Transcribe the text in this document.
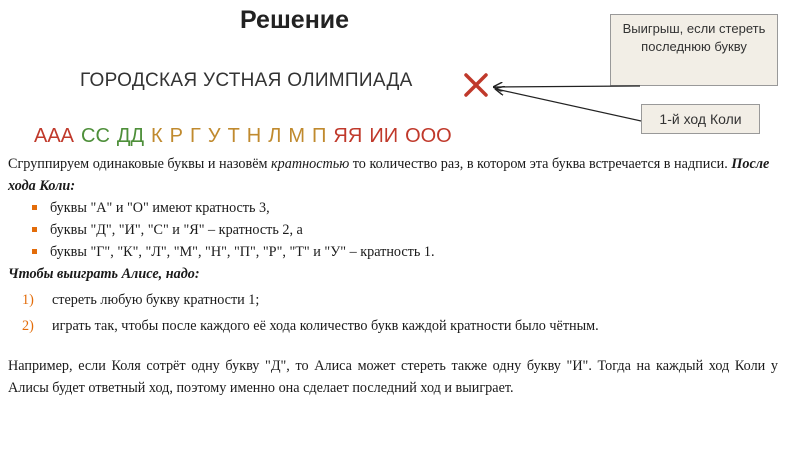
Решение	Выигрыш, если стереть последнюю букву
1-й ход Коли
ГОРОДСКАЯ УСТНАЯ ОЛИМПИАДА
ААА СС ДД К Р Г У Т Н Л М П ЯЯ ИИ ООО

Сгруппируем одинаковые буквы и назовём кратностью то количество раз, в котором эта буква встречается в надписи. После хода Коли:

буквы "А" и "О" имеют кратность 3,
буквы "Д", "И", "С" и "Я" – кратность 2, а
буквы "Г", "К", "Л", "М", "Н", "П", "Р", "Т" и "У" – кратность 1.

Чтобы выиграть Алисе, надо:

1) стереть любую букву кратности 1;
2) играть так, чтобы после каждого её хода количество букв каждой кратности было чётным.

Например, если Коля сотрёт одну букву "Д", то Алиса может стереть также одну букву "И". Тогда на каждый ход Коли у Алисы будет ответный ход, поэтому именно она сделает последний ход и выиграет.
